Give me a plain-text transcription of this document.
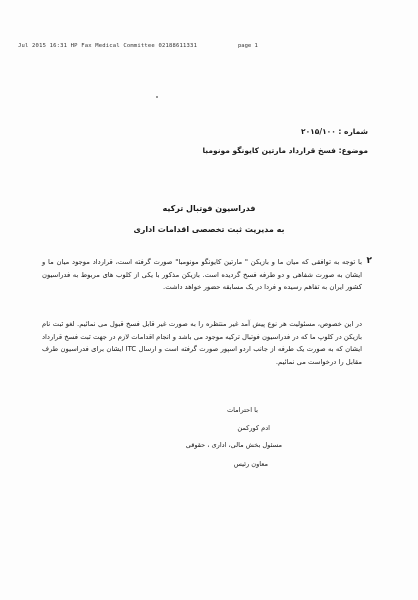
Jul 2015 16:31 HP Fax Medical Committee 02188611331	page 1
شماره : ۲۰۱۵/۱۰۰
موضوع: فسخ قرارداد مارتین کایونگو مونومبا
فدراسیون فوتبال ترکیه
به مدیریت ثبت تخصصی اقدامات اداری
۲
با توجه به توافقی که میان ما و بازیکن " مارتین کایونگو مونومبا" صورت گرفته است، قرارداد موجود میان ما و ایشان به صورت شفاهی و دو طرفه فسخ گردیده است. بازیکن مذکور با یکی از کلوب های مربوط به فدراسیون کشور ایران به تفاهم رسیده و فردا در یک مسابقه حضور خواهد داشت.
در این خصوص، مسئولیت هر نوع پیش آمد غیر منتظره را به صورت غیر قابل فسخ قبول می نمائیم. لغو ثبت نام بازیکن در کلوپ ما که در فدراسیون فوتبال ترکیه موجود می باشد و انجام اقدامات لازم در جهت ثبت فسخ قرارداد ایشان که به صورت یک طرفه از جانب اردو اسپور صورت گرفته است و ارسال ITC ایشان برای فدراسیون طرف مقابل را درخواست می نمائیم.
با احترامات
ادم کورکمن
مسئول بخش مالی، اداری ، حقوقی
معاون رئیس
